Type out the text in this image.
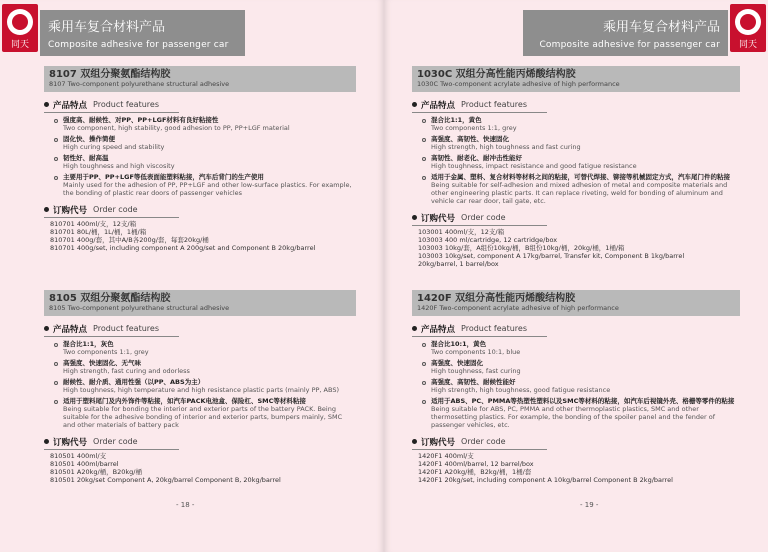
同天
乘用车复合材料产品
Composite adhesive for passenger car
8107 双组分聚氨酯结构胶
8107 Two-component polyurethane structural adhesive
产品特点 Product features
强度高、耐候性、对PP、PP+LGF材料有良好粘接性
Two component, high stability, good adhesion to PP, PP+LGF material
固化快、操作简便
High curing speed and stability
韧性好、耐高温
High toughness and high viscosity
主要用于PP、PP+LGF等低表面能塑料粘接，汽车后背门的生产使用
Mainly used for the adhesion of PP, PP+LGF and other low-surface plastics. For example, the bonding of plastic rear doors of passenger vehicles
订购代号 Order code
810701 400ml/支，12支/箱
810701 80L/桶，1L/桶，1桶/箱
810701 400g/套，其中A/B各200g/套，每套20kg/桶
810701 400g/set, including component A 200g/set and Component B 20kg/barrel
8105 双组分聚氨酯结构胶
8105 Two-component polyurethane structural adhesive
产品特点 Product features
混合比1:1，灰色
Two components 1:1, grey
高强度、快速固化、无气味
High strength, fast curing and odorless
耐候性、耐介质、通用性强（以PP、ABS为主）
High toughness, high temperature and high resistance plastic parts (mainly PP, ABS)
适用于塑料尾门及内外饰件等粘接，如汽车PACK电池盒、保险杠、SMC等材料粘接
Being suitable for bonding the interior and exterior parts of the battery PACK. Being suitable for the adhesive bonding of interior and exterior parts, bumpers mainly, SMC and other materials of battery pack
订购代号 Order code
810501 400ml/支
810501 400ml/barrel
810501 A20kg/桶，B20kg/桶
810501 20kg/set Component A, 20kg/barrel Component B, 20kg/barrel
- 18 -
同天
乘用车复合材料产品
Composite adhesive for passenger car
1030C 双组分高性能丙烯酸结构胶
1030C Two-component acrylate adhesive of high performance
产品特点 Product features
混合比1:1，黄色
Two components 1:1, grey
高强度、高韧性、快速固化
High strength, high toughness and fast curing
高韧性、耐老化、耐冲击性能好
High toughness, impact resistance and good fatigue resistance
适用于金属、塑料、复合材料等材料之间的粘接，可替代焊接、铆接等机械固定方式，汽车尾门件的粘接
Being suitable for self-adhesion and mixed adhesion of metal and composite materials and other engineering plastic parts. It can replace riveting, weld for bonding of aluminum and vehicle car rear door, tail gate, etc.
订购代号 Order code
103001 400ml/支，12支/箱
103003 400 ml/cartridge, 12 cartridge/box
103003 10kg/套，A组份10kg/桶，B组份10kg/桶，20kg/桶，1桶/箱
103003 10kg/set, component A 17kg/barrel, Transfer kit, Component B 1kg/barrel
20kg/barrel, 1 barrel/box
1420F 双组分高性能丙烯酸结构胶
1420F Two-component acrylate adhesive of high performance
产品特点 Product features
混合比10:1，黄色
Two components 10:1, blue
高强度、快速固化
High toughness, fast curing
高强度、高韧性、耐候性能好
High strength, high toughness, good fatigue resistance
适用于ABS、PC、PMMA等热塑性塑料以及SMC等材料的粘接，如汽车后视镜外壳、格栅等零件的粘接
Being suitable for ABS, PC, PMMA and other thermoplastic plastics, SMC and other thermosetting plastics. For example, the bonding of the spoiler panel and the fender of passenger vehicles, etc.
订购代号 Order code
1420F1 400ml/支
1420F1 400ml/barrel, 12 barrel/box
1420F1 A20kg/桶，B2kg/桶，1桶/套
1420F1 20kg/set, including component A 10kg/barrel Component B 2kg/barrel
- 19 -
